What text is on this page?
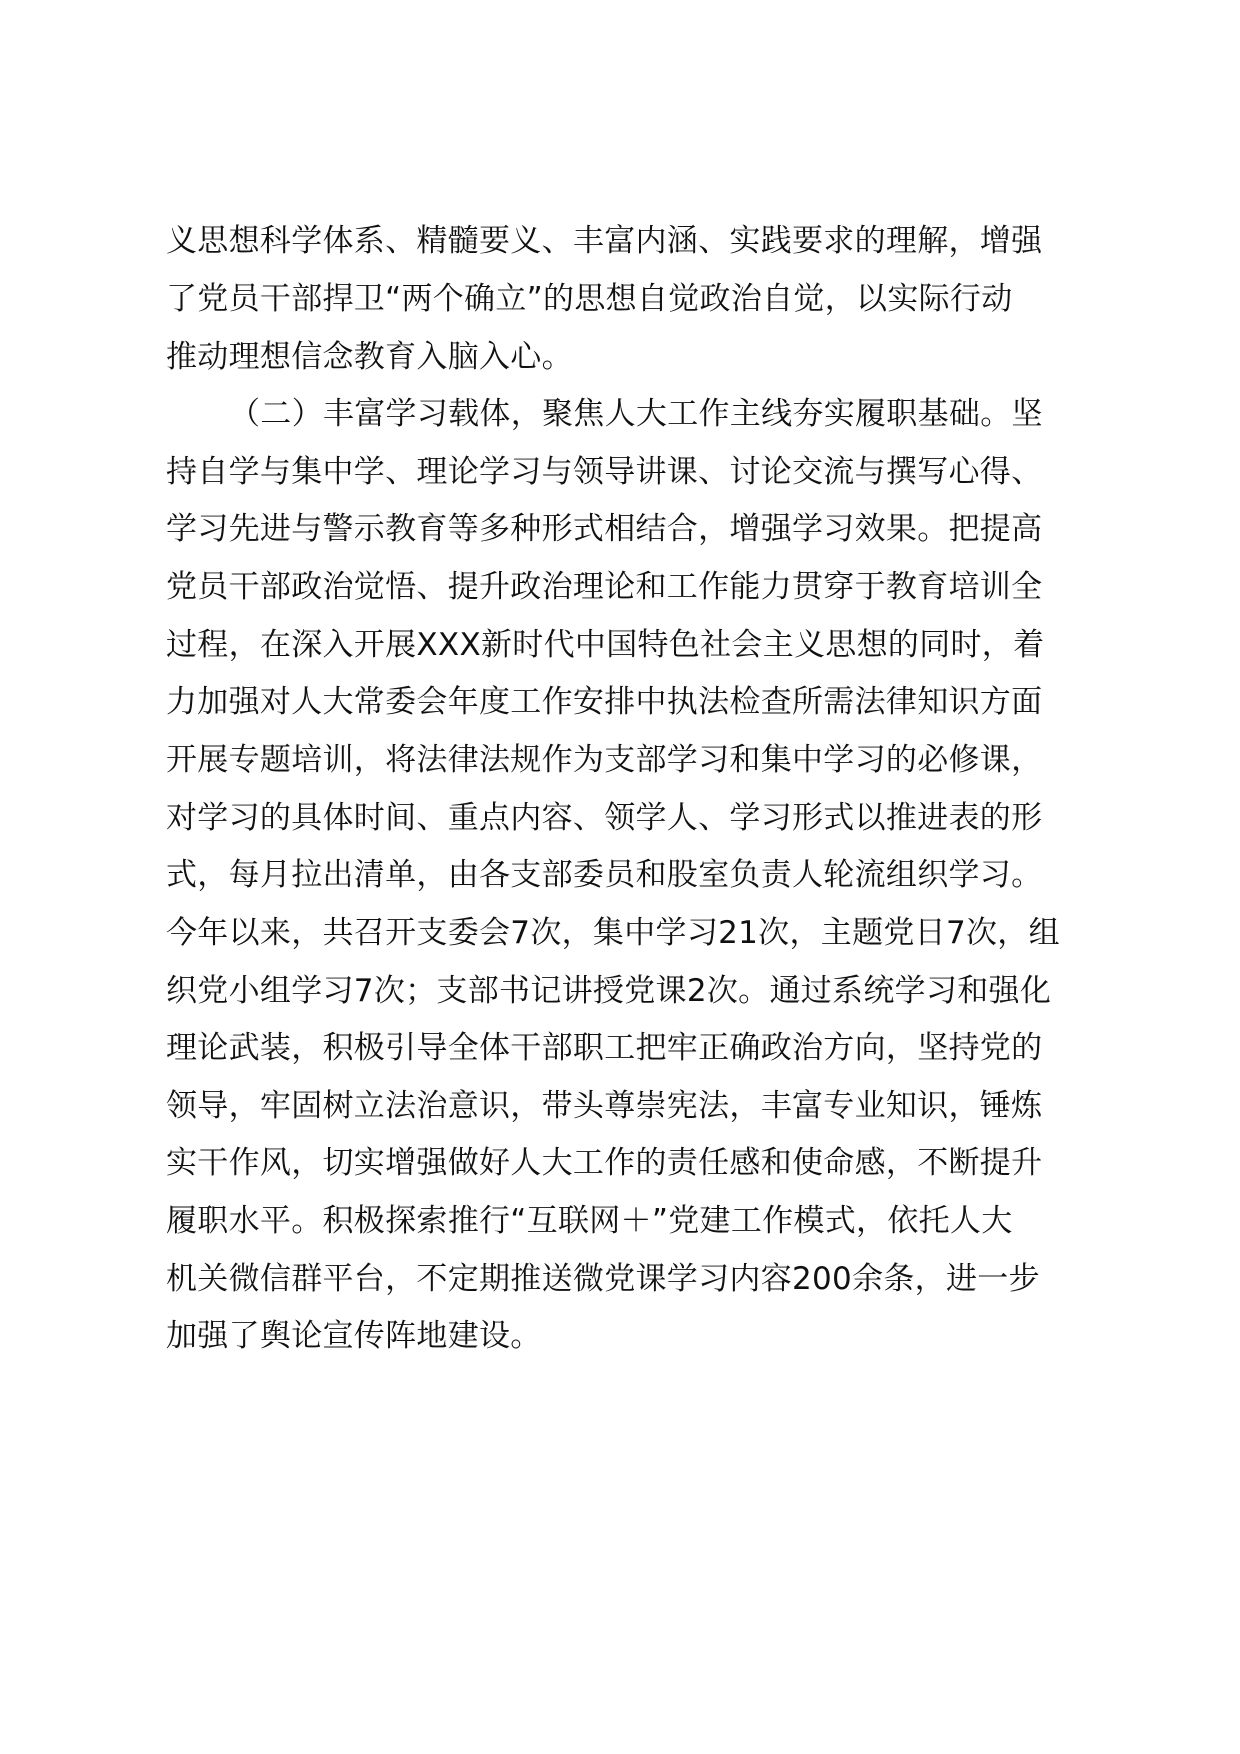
义思想科学体系、精髓要义、丰富内涵、实践要求的理解，增强
了党员干部捍卫“两个确立”的思想自觉政治自觉，以实际行动
推动理想信念教育入脑入心。
（二）丰富学习载体，聚焦人大工作主线夯实履职基础。坚
持自学与集中学、理论学习与领导讲课、讨论交流与撰写心得、
学习先进与警示教育等多种形式相结合，增强学习效果。把提高
党员干部政治觉悟、提升政治理论和工作能力贯穿于教育培训全
过程，在深入开展XXX新时代中国特色社会主义思想的同时，着
力加强对人大常委会年度工作安排中执法检查所需法律知识方面
开展专题培训，将法律法规作为支部学习和集中学习的必修课，
对学习的具体时间、重点内容、领学人、学习形式以推进表的形
式，每月拉出清单，由各支部委员和股室负责人轮流组织学习。
今年以来，共召开支委会7次，集中学习21次，主题党日7次，组
织党小组学习7次；支部书记讲授党课2次。通过系统学习和强化
理论武装，积极引导全体干部职工把牢正确政治方向，坚持党的
领导，牢固树立法治意识，带头尊崇宪法，丰富专业知识，锤炼
实干作风，切实增强做好人大工作的责任感和使命感，不断提升
履职水平。积极探索推行“互联网＋”党建工作模式，依托人大
机关微信群平台，不定期推送微党课学习内容200余条，进一步
加强了舆论宣传阵地建设。
